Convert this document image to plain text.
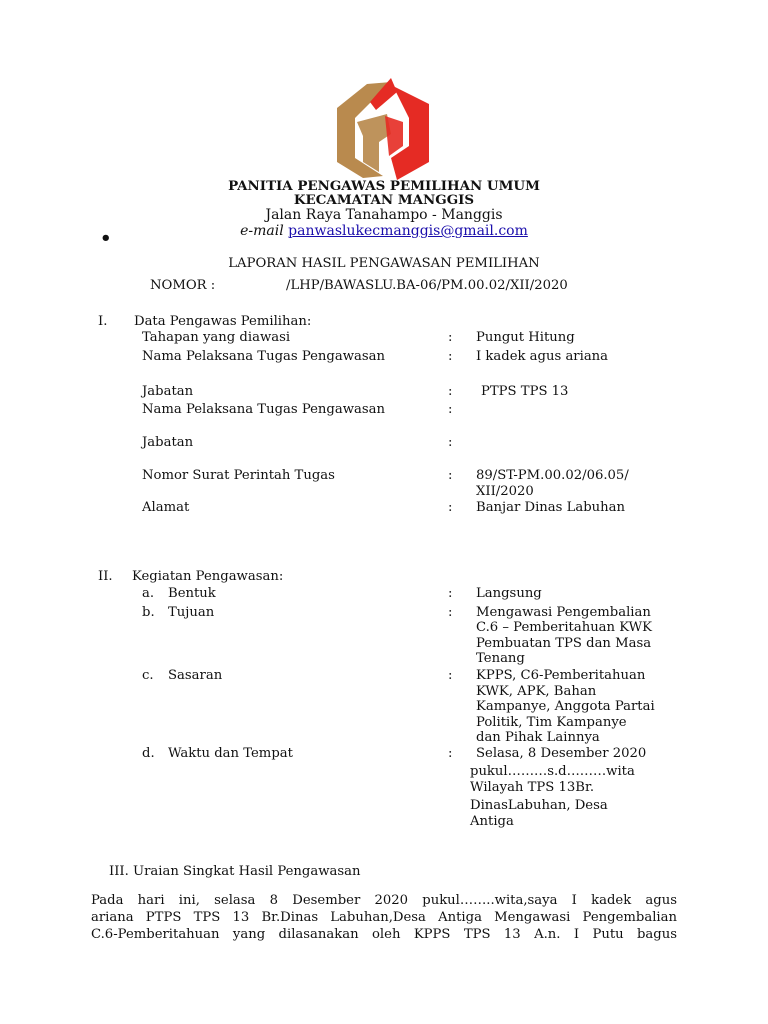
PANITIA PENGAWAS PEMILIHAN UMUM
KECAMATAN MANGGIS
Jalan Raya Tanahampo - Manggis
e-mail panwaslukecmanggis@gmail.com
•
LAPORAN HASIL PENGAWASAN PEMILIHAN
NOMOR :	/LHP/BAWASLU.BA-06/PM.00.02/XII/2020
I. Data Pengawas Pemilihan:
Tahapan yang diawasi	: Pungut Hitung
Nama Pelaksana Tugas Pengawasan	: I kadek agus ariana
Jabatan	: PTPS TPS 13
Nama Pelaksana Tugas Pengawasan	:
Jabatan	:
Nomor Surat Perintah Tugas	: 89/ST-PM.00.02/06.05/
XII/2020
Alamat	: Banjar Dinas Labuhan
II. Kegiatan Pengawasan:
a. Bentuk	: Langsung
b. Tujuan	: Mengawasi Pengembalian
C.6 – Pemberitahuan KWK
Pembuatan TPS dan Masa
Tenang
c. Sasaran	: KPPS, C6-Pemberitahuan
KWK, APK, Bahan
Kampanye, Anggota Partai
Politik, Tim Kampanye
dan Pihak Lainnya
d. Waktu dan Tempat	: Selasa, 8 Desember 2020
pukul………s.d………wita
Wilayah TPS 13Br.
DinasLabuhan, Desa
Antiga
III. Uraian Singkat Hasil Pengawasan
Pada hari ini, selasa 8 Desember 2020 pukul……..wita,saya I kadek agus
ariana PTPS TPS 13 Br.Dinas Labuhan,Desa Antiga Mengawasi Pengembalian
C.6-Pemberitahuan yang dilasanakan oleh KPPS TPS 13 A.n. I Putu bagus
